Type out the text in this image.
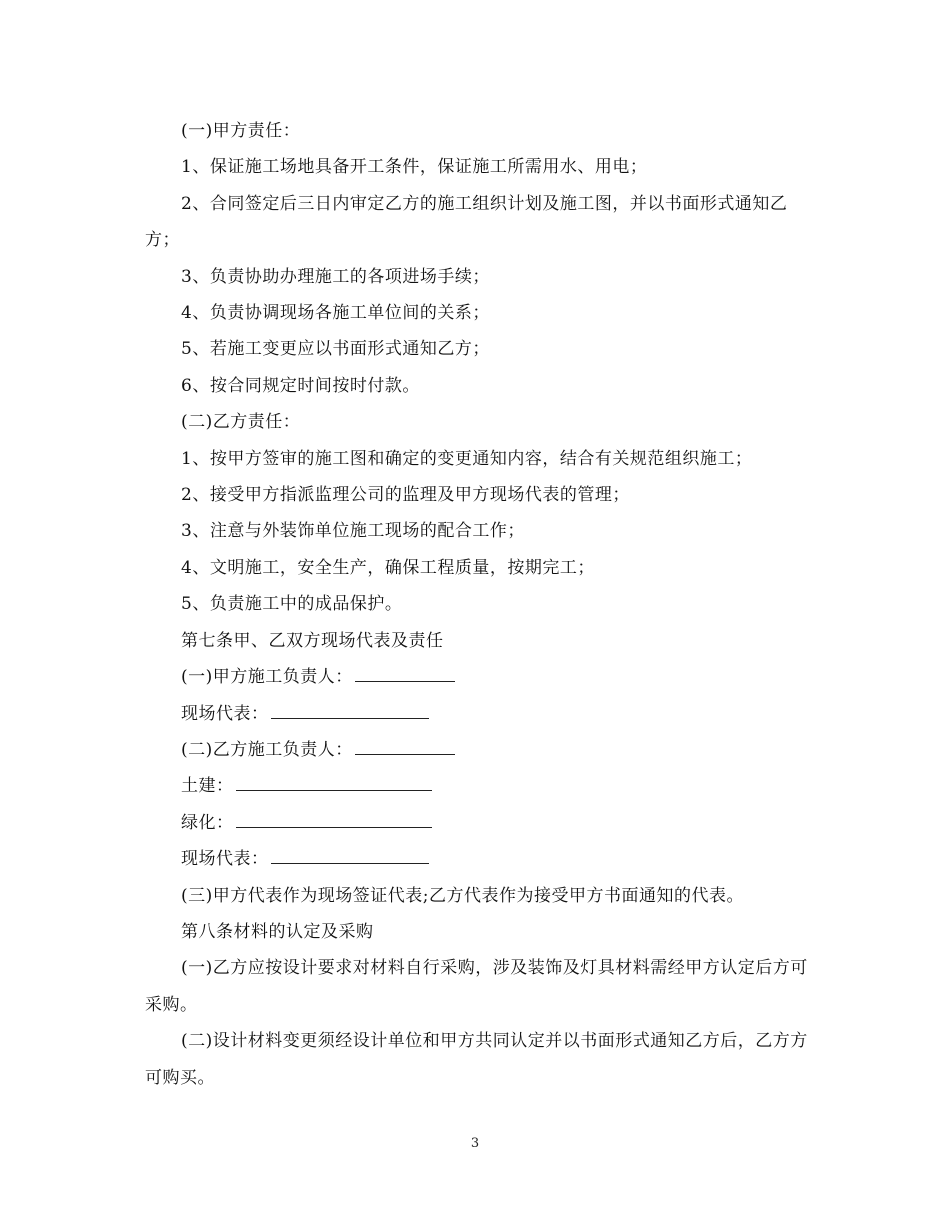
(一)甲方责任：

1、保证施工场地具备开工条件，保证施工所需用水、用电；

2、合同签定后三日内审定乙方的施工组织计划及施工图，并以书面形式通知乙方；

3、负责协助办理施工的各项进场手续；

4、负责协调现场各施工单位间的关系；

5、若施工变更应以书面形式通知乙方；

6、按合同规定时间按时付款。

(二)乙方责任：

1、按甲方签审的施工图和确定的变更通知内容，结合有关规范组织施工；

2、接受甲方指派监理公司的监理及甲方现场代表的管理；

3、注意与外装饰单位施工现场的配合工作；

4、文明施工，安全生产，确保工程质量，按期完工；

5、负责施工中的成品保护。

第七条甲、乙双方现场代表及责任

(一)甲方施工负责人：

现场代表：

(二)乙方施工负责人：

土建：

绿化：

现场代表：

(三)甲方代表作为现场签证代表;乙方代表作为接受甲方书面通知的代表。

第八条材料的认定及采购

(一)乙方应按设计要求对材料自行采购，涉及装饰及灯具材料需经甲方认定后方可采购。

(二)设计材料变更须经设计单位和甲方共同认定并以书面形式通知乙方后，乙方方可购买。

3
